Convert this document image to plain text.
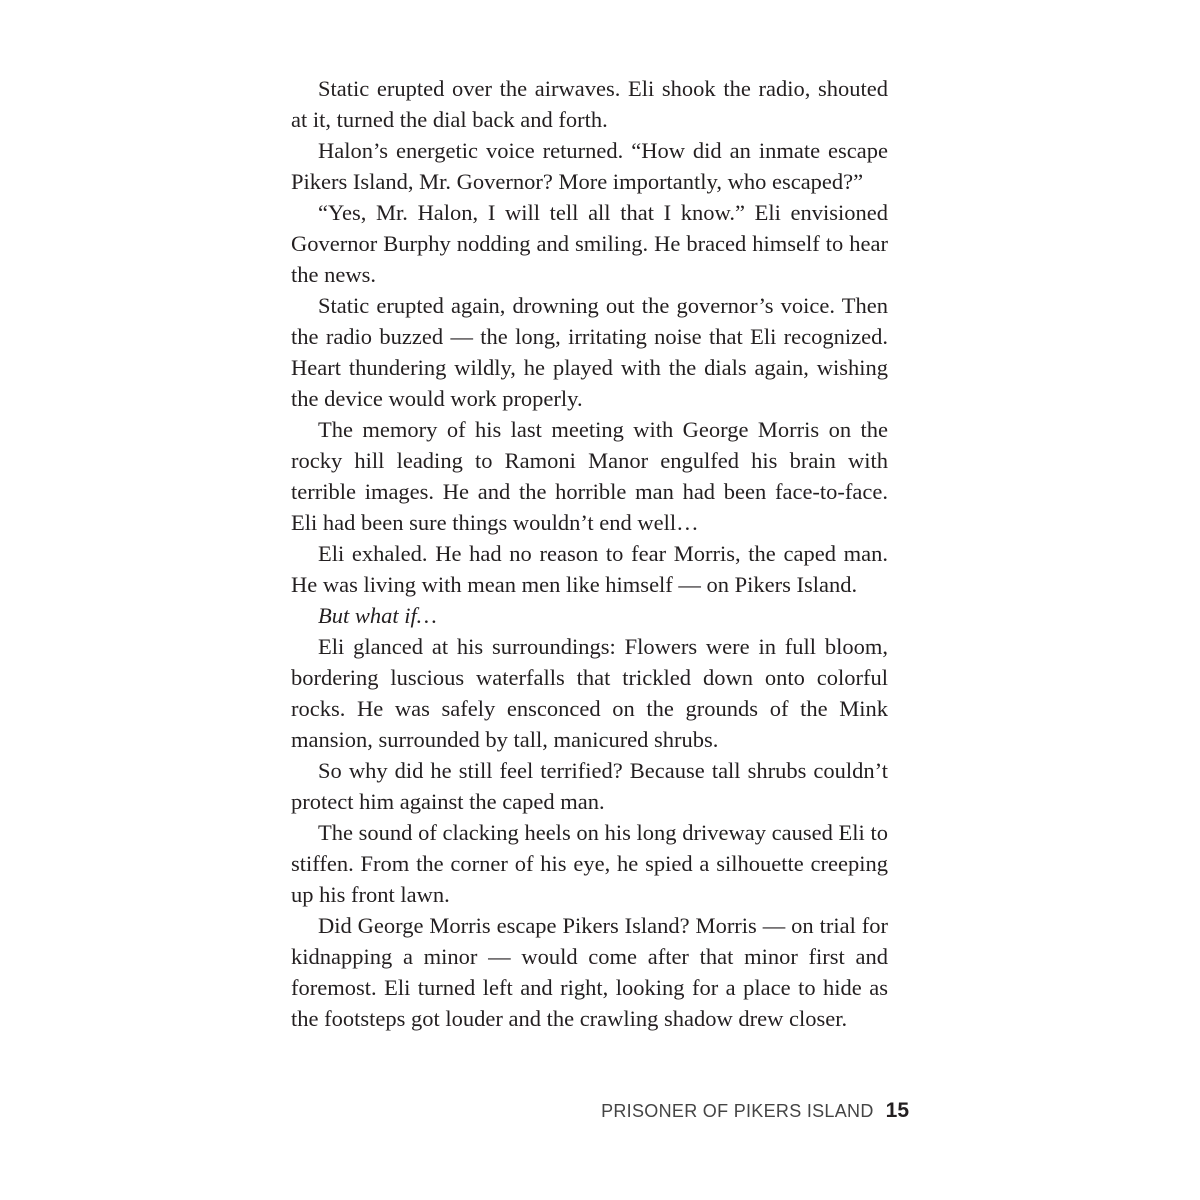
Static erupted over the airwaves. Eli shook the radio, shouted at it, turned the dial back and forth.

Halon’s energetic voice returned. “How did an inmate escape Pikers Island, Mr. Governor? More importantly, who escaped?”

“Yes, Mr. Halon, I will tell all that I know.” Eli envisioned Governor Burphy nodding and smiling. He braced himself to hear the news.

Static erupted again, drowning out the governor’s voice. Then the radio buzzed — the long, irritating noise that Eli recognized. Heart thundering wildly, he played with the dials again, wishing the device would work properly.

The memory of his last meeting with George Morris on the rocky hill leading to Ramoni Manor engulfed his brain with terrible images. He and the horrible man had been face-to-face. Eli had been sure things wouldn’t end well…

Eli exhaled. He had no reason to fear Morris, the caped man. He was living with mean men like himself — on Pikers Island.

But what if…

Eli glanced at his surroundings: Flowers were in full bloom, bordering luscious waterfalls that trickled down onto colorful rocks. He was safely ensconced on the grounds of the Mink mansion, surrounded by tall, manicured shrubs.

So why did he still feel terrified? Because tall shrubs couldn’t protect him against the caped man.

The sound of clacking heels on his long driveway caused Eli to stiffen. From the corner of his eye, he spied a silhouette creeping up his front lawn.

Did George Morris escape Pikers Island? Morris — on trial for kidnapping a minor — would come after that minor first and foremost. Eli turned left and right, looking for a place to hide as the footsteps got louder and the crawling shadow drew closer.

PRISONER OF PIKERS ISLAND 15
